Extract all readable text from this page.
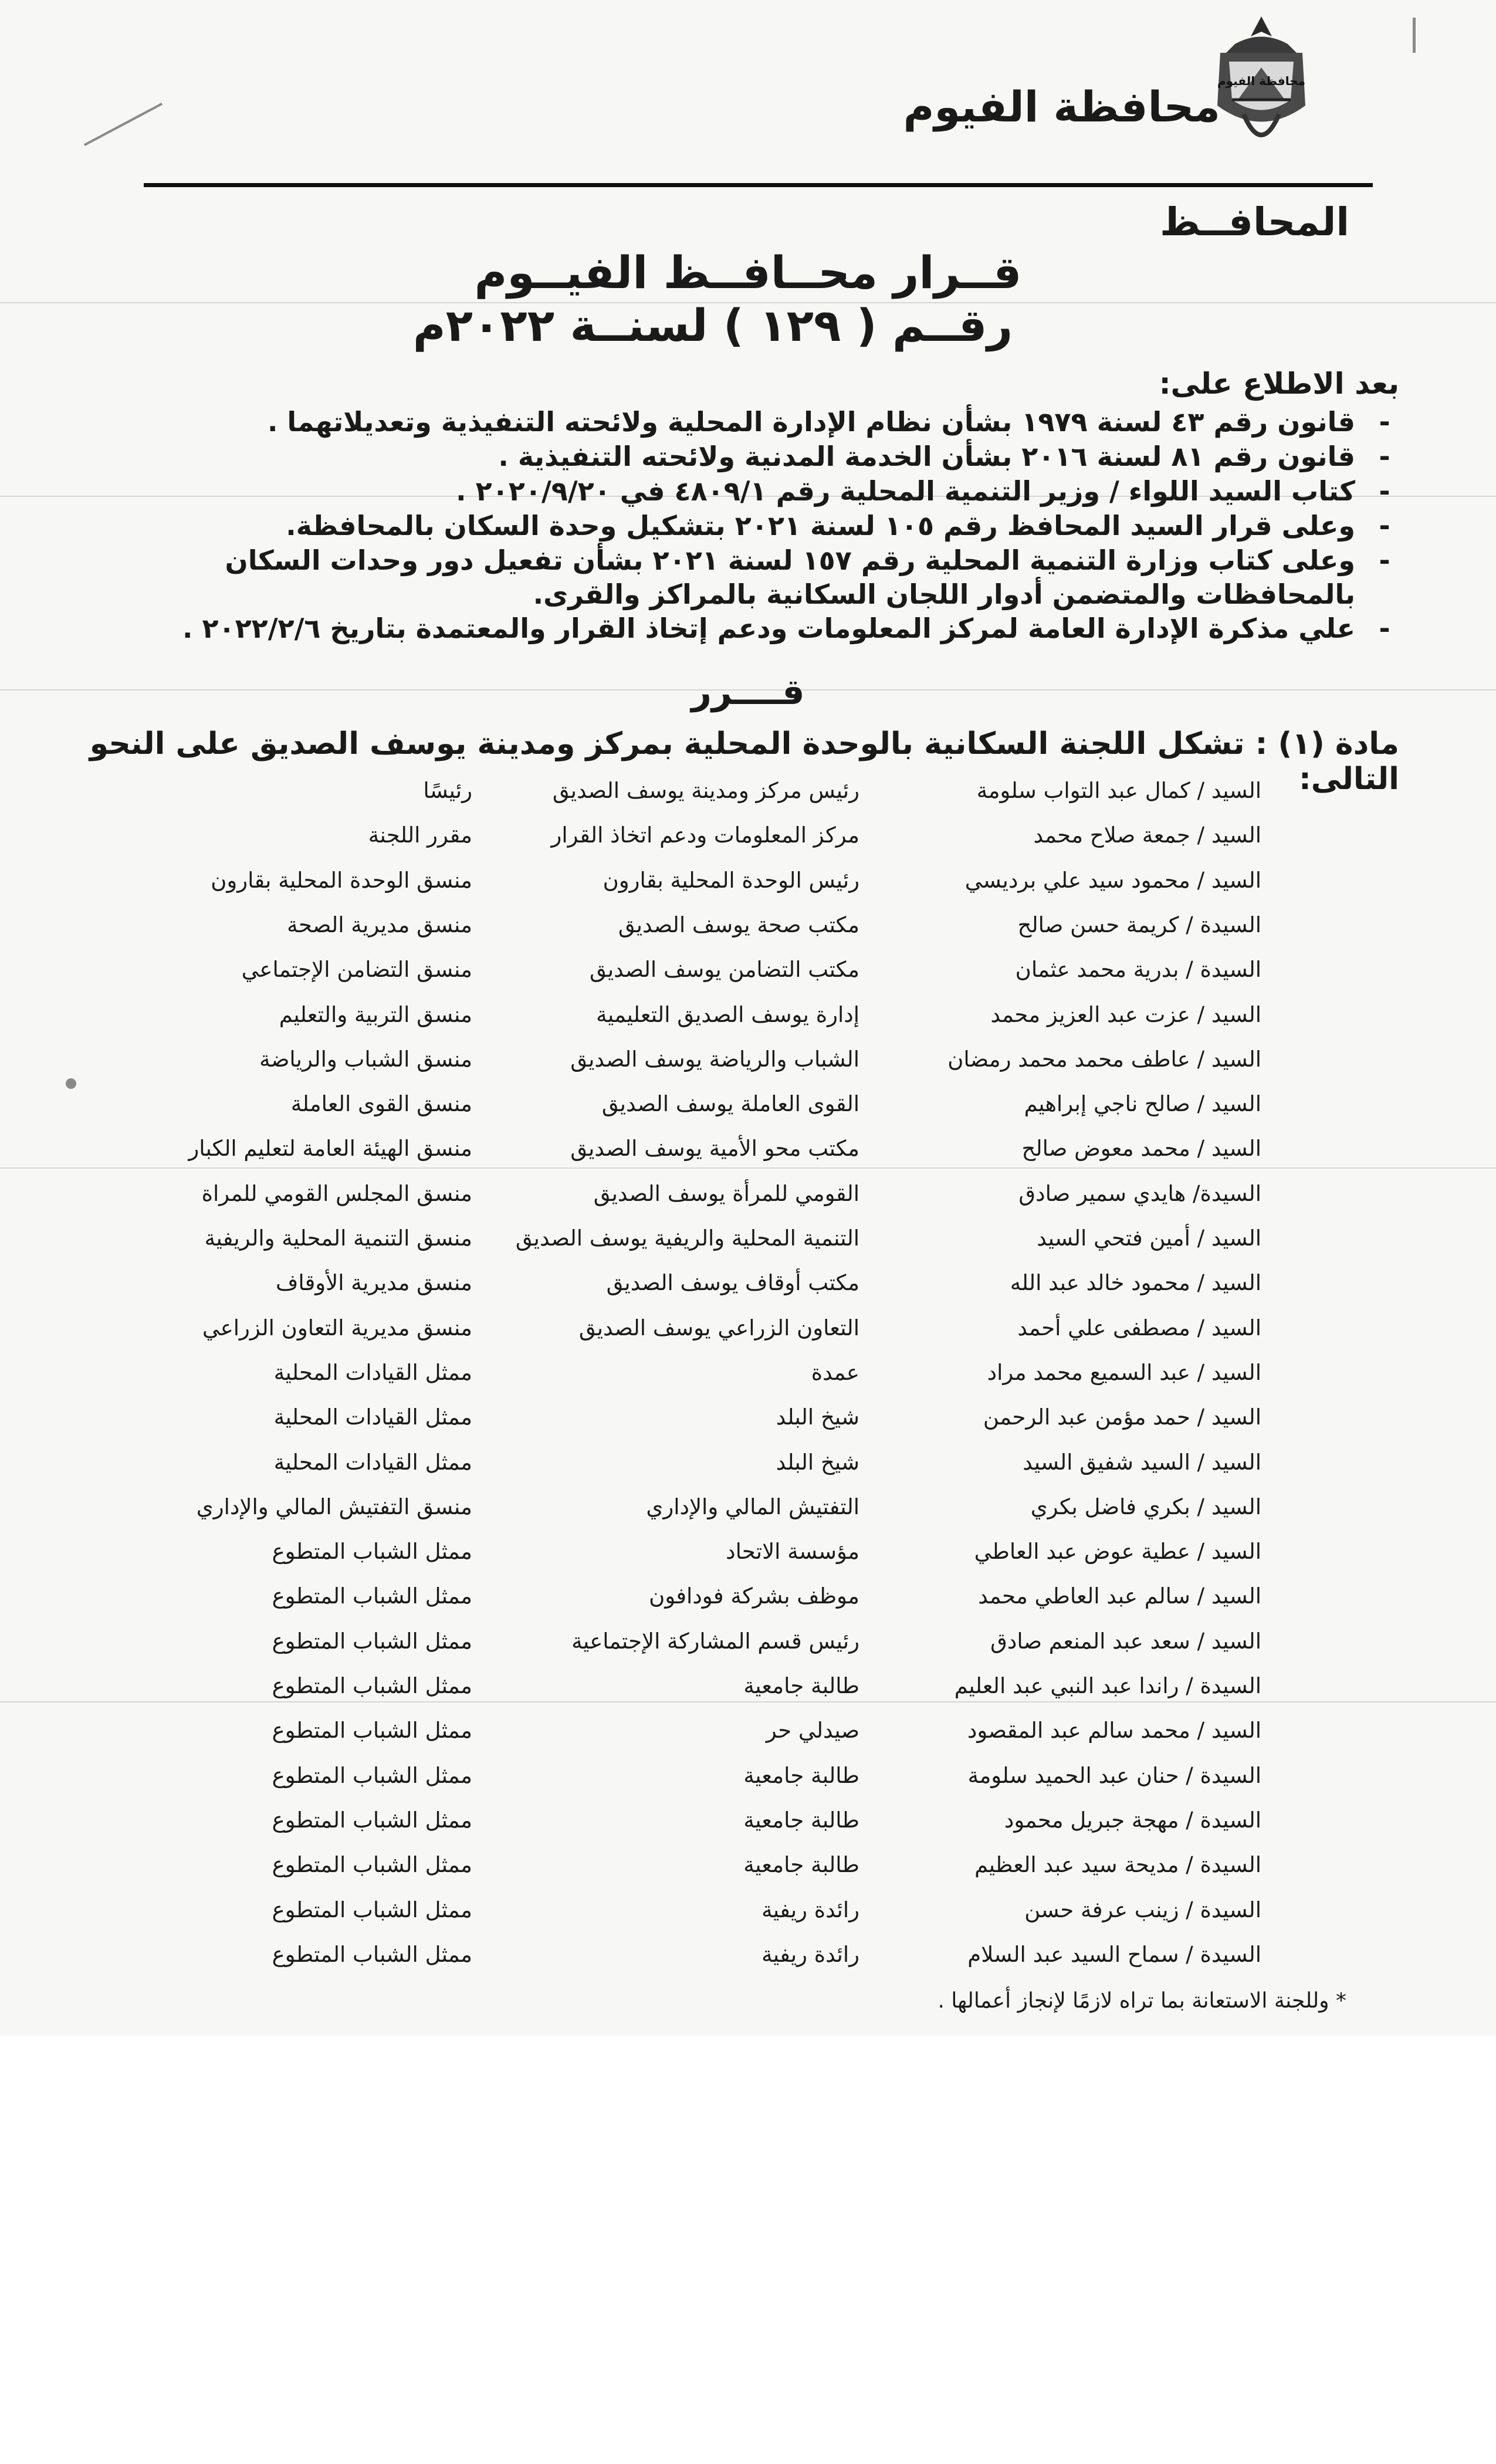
محافظة الفيوم
محافظة الفيوم
المحافــظ
قــرار محــافــظ الفيــوم
رقــم ( ١٢٩ ) لسنــة ٢٠٢٢م
بعد الاطلاع على:
-
قانون رقم ٤٣ لسنة ١٩٧٩ بشأن نظام الإدارة المحلية ولائحته التنفيذية وتعديلاتهما .
-
قانون رقم ٨١ لسنة ٢٠١٦ بشأن الخدمة المدنية ولائحته التنفيذية .
-
كتاب السيد اللواء / وزير التنمية المحلية رقم ٤٨٠٩/١ في ٢٠٢٠/٩/٢٠ .
-
وعلى قرار السيد المحافظ رقم ١٠٥ لسنة ٢٠٢١ بتشكيل وحدة السكان بالمحافظة.
-
وعلى كتاب وزارة التنمية المحلية رقم ١٥٧ لسنة ٢٠٢١ بشأن تفعيل دور وحدات السكان بالمحافظات والمتضمن أدوار اللجان السكانية بالمراكز والقرى.
-
علي مذكرة الإدارة العامة لمركز المعلومات ودعم إتخاذ القرار والمعتمدة بتاريخ ٢٠٢٢/٢/٦ .
قــــرر
مادة (١) : تشكل اللجنة السكانية بالوحدة المحلية بمركز ومدينة يوسف الصديق على النحو التالى:
السيد / كمال عبد التواب سلومة
رئيس مركز ومدينة يوسف الصديق
رئيسًا
السيد / جمعة صلاح محمد
مركز المعلومات ودعم اتخاذ القرار
مقرر اللجنة
السيد / محمود سيد علي برديسي
رئيس الوحدة المحلية بقارون
منسق الوحدة المحلية بقارون
السيدة / كريمة حسن صالح
مكتب صحة يوسف الصديق
منسق مديرية الصحة
السيدة / بدرية محمد عثمان
مكتب التضامن يوسف الصديق
منسق التضامن الإجتماعي
السيد / عزت عبد العزيز محمد
إدارة يوسف الصديق التعليمية
منسق التربية والتعليم
السيد / عاطف محمد محمد رمضان
الشباب والرياضة يوسف الصديق
منسق الشباب والرياضة
السيد / صالح ناجي إبراهيم
القوى العاملة يوسف الصديق
منسق القوى العاملة
السيد / محمد معوض صالح
مكتب محو الأمية يوسف الصديق
منسق الهيئة العامة لتعليم الكبار
السيدة/ هايدي سمير صادق
القومي للمرأة يوسف الصديق
منسق المجلس القومي للمراة
السيد / أمين فتحي السيد
التنمية المحلية والريفية يوسف الصديق
منسق التنمية المحلية والريفية
السيد / محمود خالد عبد الله
مكتب أوقاف يوسف الصديق
منسق مديرية الأوقاف
السيد / مصطفى علي أحمد
التعاون الزراعي يوسف الصديق
منسق مديرية التعاون الزراعي
السيد / عبد السميع محمد مراد
عمدة
ممثل القيادات المحلية
السيد / حمد مؤمن عبد الرحمن
شيخ البلد
ممثل القيادات المحلية
السيد / السيد شفيق السيد
شيخ البلد
ممثل القيادات المحلية
السيد / بكري فاضل بكري
التفتيش المالي والإداري
منسق التفتيش المالي والإداري
السيد / عطية عوض عبد العاطي
مؤسسة الاتحاد
ممثل الشباب المتطوع
السيد / سالم عبد العاطي محمد
موظف بشركة فودافون
ممثل الشباب المتطوع
السيد / سعد عبد المنعم صادق
رئيس قسم المشاركة الإجتماعية
ممثل الشباب المتطوع
السيدة / راندا عبد النبي عبد العليم
طالبة جامعية
ممثل الشباب المتطوع
السيد / محمد سالم عبد المقصود
صيدلي حر
ممثل الشباب المتطوع
السيدة / حنان عبد الحميد سلومة
طالبة جامعية
ممثل الشباب المتطوع
السيدة / مهجة جبريل محمود
طالبة جامعية
ممثل الشباب المتطوع
السيدة / مديحة سيد عبد العظيم
طالبة جامعية
ممثل الشباب المتطوع
السيدة / زينب عرفة حسن
رائدة ريفية
ممثل الشباب المتطوع
السيدة / سماح السيد عبد السلام
رائدة ريفية
ممثل الشباب المتطوع
* وللجنة الاستعانة بما تراه لازمًا لإنجاز أعمالها .
